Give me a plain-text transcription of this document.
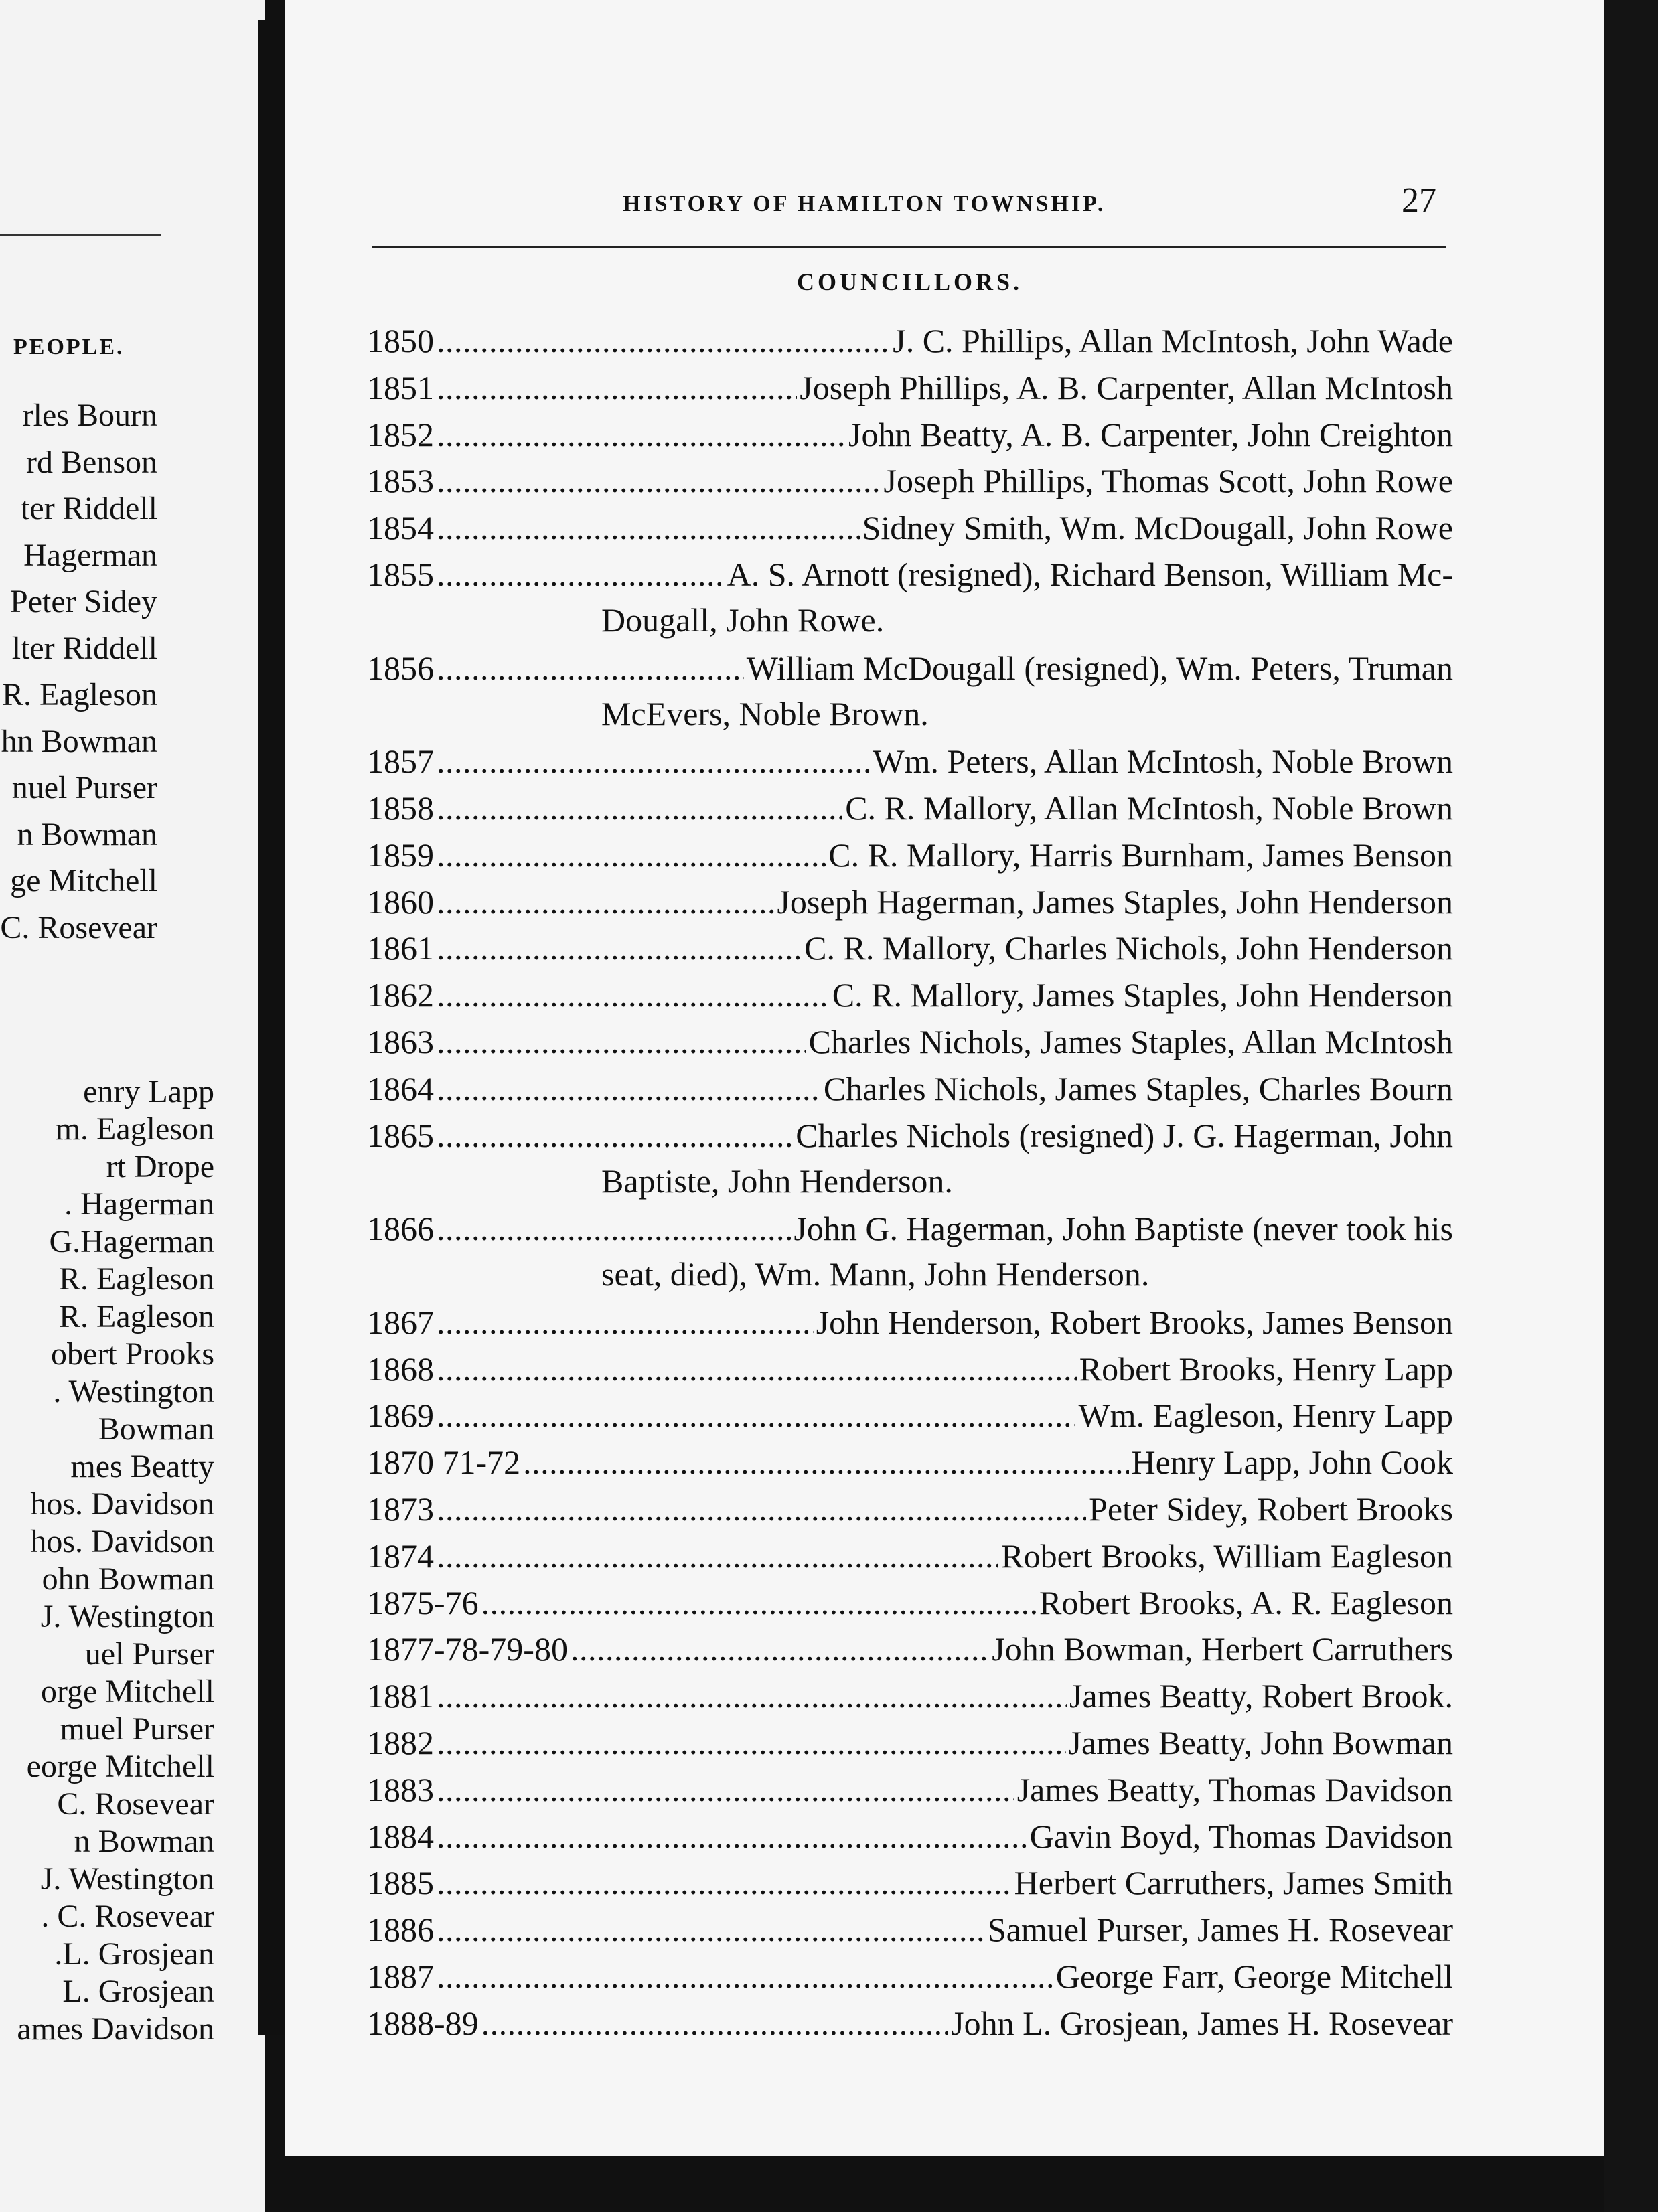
PEOPLE.
rles Bourn
rd Benson
ter Riddell
Hagerman
Peter Sidey
lter Riddell
R. Eagleson
hn Bowman
nuel Purser
n Bowman
ge Mitchell
C. Rosevear
enry Lapp
m. Eagleson
rt Drope
. Hagerman
G.Hagerman
R. Eagleson
R. Eagleson
obert Prooks
. Westington
Bowman
mes Beatty
hos. Davidson
hos. Davidson
ohn Bowman
J. Westington
uel Purser
orge Mitchell
muel Purser
eorge Mitchell
C. Rosevear
n Bowman
J. Westington
. C. Rosevear
.L. Grosjean
L. Grosjean
ames Davidson
HISTORY OF HAMILTON TOWNSHIP.	27
COUNCILLORS.
1850 . . .	J. C. Phillips, Allan McIntosh, John Wade
1851 . . .	Joseph Phillips, A. B. Carpenter, Allan McIntosh
1852 . . .	John Beatty, A. B. Carpenter, John Creighton
1853 . . .	Joseph Phillips, Thomas Scott, John Rowe
1854 . . .	Sidney Smith, Wm. McDougall, John Rowe
1855 . . .	A. S. Arnott (resigned), Richard Benson, William Mc-
Dougall, John Rowe.
1856 . . .	William McDougall (resigned), Wm. Peters, Truman
McEvers, Noble Brown.
1857 . . .	Wm. Peters, Allan McIntosh, Noble Brown
1858 . . .	C. R. Mallory, Allan McIntosh, Noble Brown
1859 . . .	C. R. Mallory, Harris Burnham, James Benson
1860 . . .	Joseph Hagerman, James Staples, John Henderson
1861 . . .	C. R. Mallory, Charles Nichols, John Henderson
1862 . . .	C. R. Mallory, James Staples, John Henderson
1863 . . .	Charles Nichols, James Staples, Allan McIntosh
1864 . . .	Charles Nichols, James Staples, Charles Bourn
1865 . . .	Charles Nichols (resigned) J. G. Hagerman, John
Baptiste, John Henderson.
1866 . . .	John G. Hagerman, John Baptiste (never took his
seat, died), Wm. Mann, John Henderson.
1867 . . .	John Henderson, Robert Brooks, James Benson
1868 . . .	Robert Brooks, Henry Lapp
1869 . . .	Wm. Eagleson, Henry Lapp
1870 71-72 . . .	Henry Lapp, John Cook
1873 . . .	Peter Sidey, Robert Brooks
1874 . . .	Robert Brooks, William Eagleson
1875-76 . . .	Robert Brooks, A. R. Eagleson
1877-78-79-80 . . .	John Bowman, Herbert Carruthers
1881 . . .	James Beatty, Robert Brook.
1882 . . .	James Beatty, John Bowman
1883 . . .	James Beatty, Thomas Davidson
1884 . . .	Gavin Boyd, Thomas Davidson
1885 . . .	Herbert Carruthers, James Smith
1886 . . .	Samuel Purser, James H. Rosevear
1887 . . .	George Farr, George Mitchell
1888-89 . . .	John L. Grosjean, James H. Rosevear
